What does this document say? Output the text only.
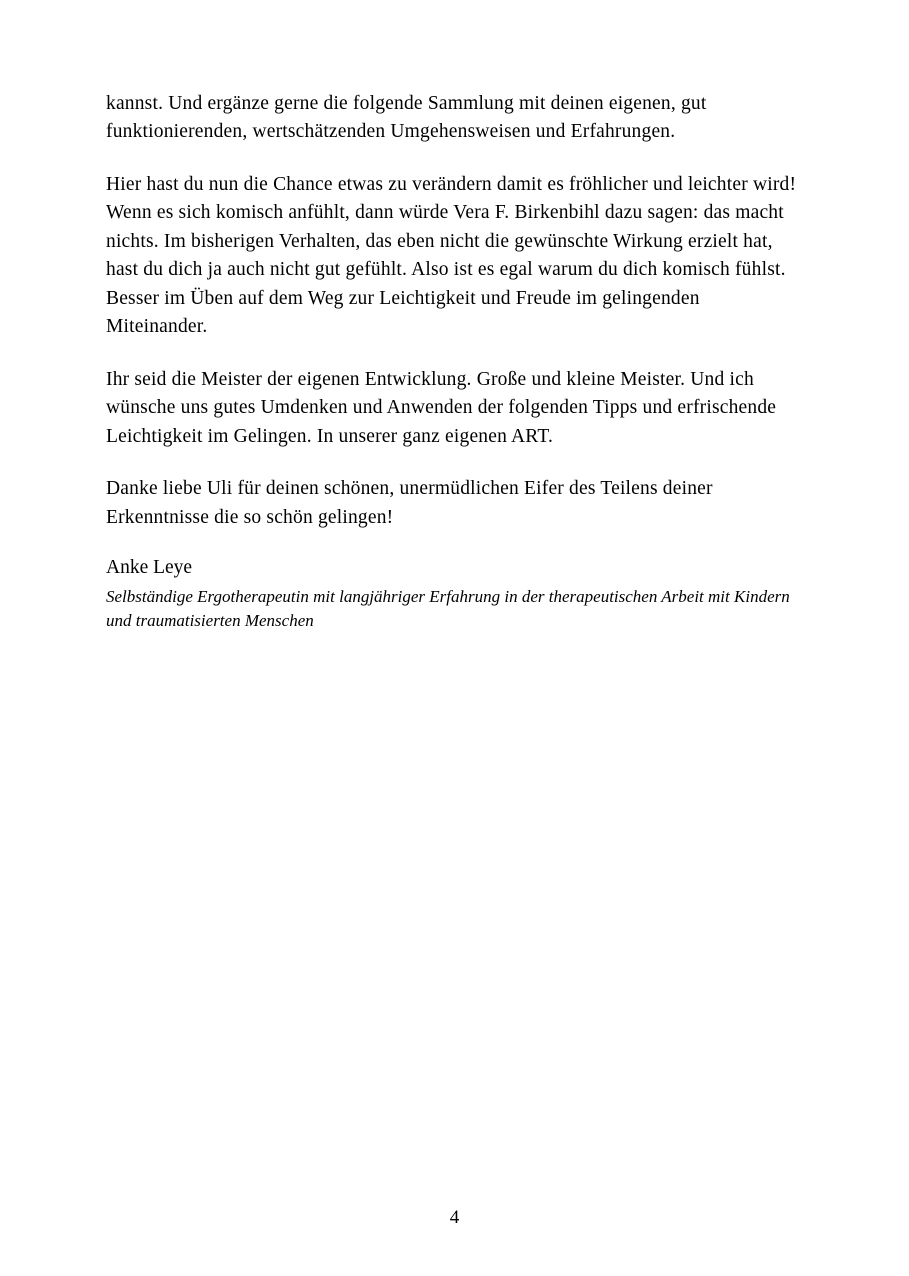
kannst. Und ergänze gerne die folgende Sammlung mit deinen eigenen, gut funktionierenden, wertschätzenden Umgehensweisen und Erfahrungen.

Hier hast du nun die Chance etwas zu verändern damit es fröhlicher und leichter wird! Wenn es sich komisch anfühlt, dann würde Vera F. Birkenbihl dazu sagen: das macht nichts. Im bisherigen Verhalten, das eben nicht die gewünschte Wirkung erzielt hat, hast du dich ja auch nicht gut gefühlt. Also ist es egal warum du dich komisch fühlst. Besser im Üben auf dem Weg zur Leichtigkeit und Freude im gelingenden Miteinander.

Ihr seid die Meister der eigenen Entwicklung. Große und kleine Meister. Und ich wünsche uns gutes Umdenken und Anwenden der folgenden Tipps und erfrischende Leichtigkeit im Gelingen. In unserer ganz eigenen ART.

Danke liebe Uli für deinen schönen, unermüdlichen Eifer des Teilens deiner Erkenntnisse die so schön gelingen!

Anke Leye

Selbständige Ergotherapeutin mit langjähriger Erfahrung in der therapeutischen Arbeit mit Kindern und traumatisierten Menschen

4
